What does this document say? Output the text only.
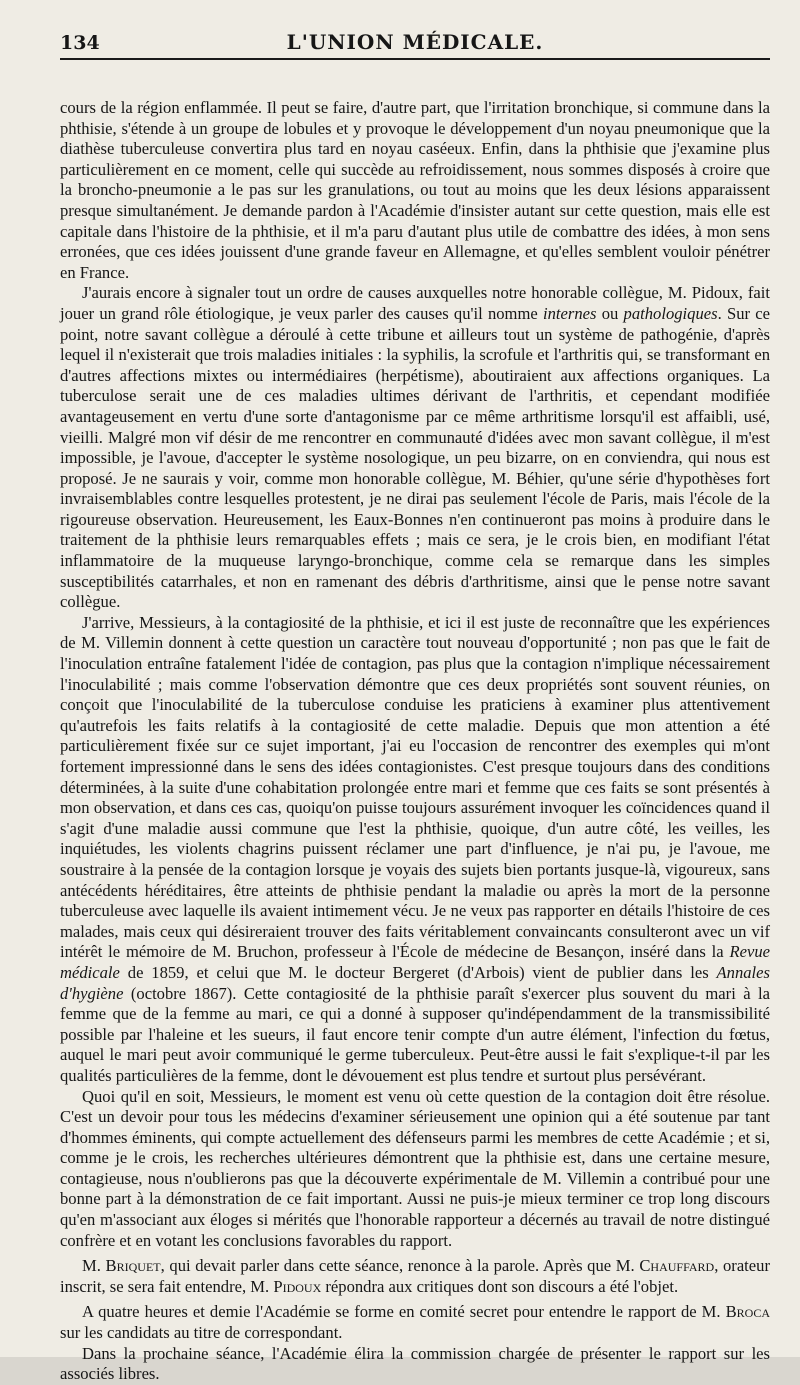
134	L'UNION MÉDICALE.

cours de la région enflammée. Il peut se faire, d'autre part, que l'irritation bronchique, si commune dans la phthisie, s'étende à un groupe de lobules et y provoque le développement d'un noyau pneumonique que la diathèse tuberculeuse convertira plus tard en noyau caséeux. Enfin, dans la phthisie que j'examine plus particulièrement en ce moment, celle qui succède au refroidissement, nous sommes disposés à croire que la broncho-pneumonie a le pas sur les granulations, ou tout au moins que les deux lésions apparaissent presque simultanément. Je demande pardon à l'Académie d'insister autant sur cette question, mais elle est capitale dans l'histoire de la phthisie, et il m'a paru d'autant plus utile de combattre des idées, à mon sens erronées, que ces idées jouissent d'une grande faveur en Allemagne, et qu'elles semblent vouloir pénétrer en France.

J'aurais encore à signaler tout un ordre de causes auxquelles notre honorable collègue, M. Pidoux, fait jouer un grand rôle étiologique, je veux parler des causes qu'il nomme internes ou pathologiques. Sur ce point, notre savant collègue a déroulé à cette tribune et ailleurs tout un système de pathogénie, d'après lequel il n'existerait que trois maladies initiales : la syphilis, la scrofule et l'arthritis qui, se transformant en d'autres affections mixtes ou intermédiaires (herpétisme), aboutiraient aux affections organiques. La tuberculose serait une de ces maladies ultimes dérivant de l'arthritis, et cependant modifiée avantageusement en vertu d'une sorte d'antagonisme par ce même arthritisme lorsqu'il est affaibli, usé, vieilli. Malgré mon vif désir de me rencontrer en communauté d'idées avec mon savant collègue, il m'est impossible, je l'avoue, d'accepter le système nosologique, un peu bizarre, on en conviendra, qui nous est proposé. Je ne saurais y voir, comme mon honorable collègue, M. Béhier, qu'une série d'hypothèses fort invraisemblables contre lesquelles protestent, je ne dirai pas seulement l'école de Paris, mais l'école de la rigoureuse observation. Heureusement, les Eaux-Bonnes n'en continueront pas moins à produire dans le traitement de la phthisie leurs remarquables effets ; mais ce sera, je le crois bien, en modifiant l'état inflammatoire de la muqueuse laryngo-bronchique, comme cela se remarque dans les simples susceptibilités catarrhales, et non en ramenant des débris d'arthritisme, ainsi que le pense notre savant collègue.

J'arrive, Messieurs, à la contagiosité de la phthisie, et ici il est juste de reconnaître que les expériences de M. Villemin donnent à cette question un caractère tout nouveau d'opportunité ; non pas que le fait de l'inoculation entraîne fatalement l'idée de contagion, pas plus que la contagion n'implique nécessairement l'inoculabilité ; mais comme l'observation démontre que ces deux propriétés sont souvent réunies, on conçoit que l'inoculabilité de la tuberculose conduise les praticiens à examiner plus attentivement qu'autrefois les faits relatifs à la contagiosité de cette maladie. Depuis que mon attention a été particulièrement fixée sur ce sujet important, j'ai eu l'occasion de rencontrer des exemples qui m'ont fortement impressionné dans le sens des idées contagionistes. C'est presque toujours dans des conditions déterminées, à la suite d'une cohabitation prolongée entre mari et femme que ces faits se sont présentés à mon observation, et dans ces cas, quoiqu'on puisse toujours assurément invoquer les coïncidences quand il s'agit d'une maladie aussi commune que l'est la phthisie, quoique, d'un autre côté, les veilles, les inquiétudes, les violents chagrins puissent réclamer une part d'influence, je n'ai pu, je l'avoue, me soustraire à la pensée de la contagion lorsque je voyais des sujets bien portants jusque-là, vigoureux, sans antécédents héréditaires, être atteints de phthisie pendant la maladie ou après la mort de la personne tuberculeuse avec laquelle ils avaient intimement vécu. Je ne veux pas rapporter en détails l'histoire de ces malades, mais ceux qui désireraient trouver des faits véritablement convaincants consulteront avec un vif intérêt le mémoire de M. Bruchon, professeur à l'École de médecine de Besançon, inséré dans la Revue médicale de 1859, et celui que M. le docteur Bergeret (d'Arbois) vient de publier dans les Annales d'hygiène (octobre 1867). Cette contagiosité de la phthisie paraît s'exercer plus souvent du mari à la femme que de la femme au mari, ce qui a donné à supposer qu'indépendamment de la transmissibilité possible par l'haleine et les sueurs, il faut encore tenir compte d'un autre élément, l'infection du fœtus, auquel le mari peut avoir communiqué le germe tuberculeux. Peut-être aussi le fait s'explique-t-il par les qualités particulières de la femme, dont le dévouement est plus tendre et surtout plus persévérant.

Quoi qu'il en soit, Messieurs, le moment est venu où cette question de la contagion doit être résolue. C'est un devoir pour tous les médecins d'examiner sérieusement une opinion qui a été soutenue par tant d'hommes éminents, qui compte actuellement des défenseurs parmi les membres de cette Académie ; et si, comme je le crois, les recherches ultérieures démontrent que la phthisie est, dans une certaine mesure, contagieuse, nous n'oublierons pas que la découverte expérimentale de M. Villemin a contribué pour une bonne part à la démonstration de ce fait important. Aussi ne puis-je mieux terminer ce trop long discours qu'en m'associant aux éloges si mérités que l'honorable rapporteur a décernés au travail de notre distingué confrère et en votant les conclusions favorables du rapport.

M. Briquet, qui devait parler dans cette séance, renonce à la parole. Après que M. Chauffard, orateur inscrit, se sera fait entendre, M. Pidoux répondra aux critiques dont son discours a été l'objet.

A quatre heures et demie l'Académie se forme en comité secret pour entendre le rapport de M. Broca sur les candidats au titre de correspondant.

Dans la prochaine séance, l'Académie élira la commission chargée de présenter le rapport sur les associés libres.
